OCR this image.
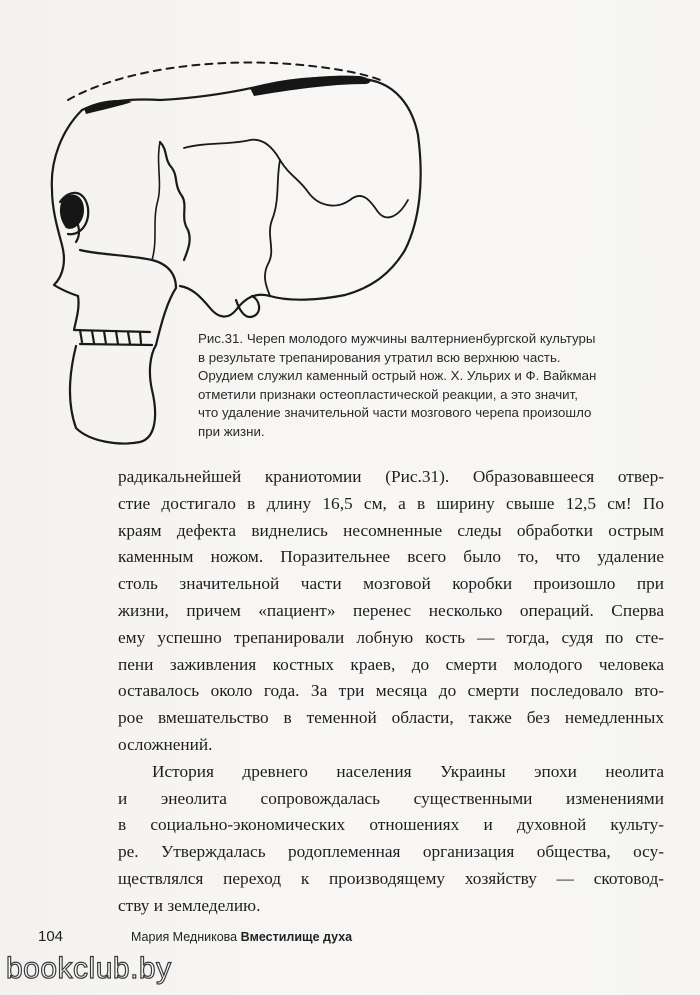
Рис.31. Череп молодого мужчины валтерниенбургской культуры
в результате трепанирования утратил всю верхнюю часть.
Орудием служил каменный острый нож. Х. Ульрих и Ф. Вайкман
отметили признаки остеопластической реакции, а это значит,
что удаление значительной части мозгового черепа произошло
при жизни.
радикальнейшей краниотомии (Рис.31). Образовавшееся отвер-
стие достигало в длину 16,5 см, а в ширину свыше 12,5 см! По
краям дефекта виднелись несомненные следы обработки острым
каменным ножом. Поразительнее всего было то, что удаление
столь значительной части мозговой коробки произошло при
жизни, причем «пациент» перенес несколько операций. Сперва
ему успешно трепанировали лобную кость — тогда, судя по сте-
пени заживления костных краев, до смерти молодого человека
оставалось около года. За три месяца до смерти последовало вто-
рое вмешательство в теменной области, также без немедленных
осложнений.
История древнего населения Украины эпохи неолита
и энеолита сопровождалась существенными изменениями
в социально-экономических отношениях и духовной культу-
ре. Утверждалась родоплеменная организация общества, осу-
ществлялся переход к производящему хозяйству — скотовод-
ству и земледелию.
104	Мария Медникова Вместилище духа
bookclub.by
